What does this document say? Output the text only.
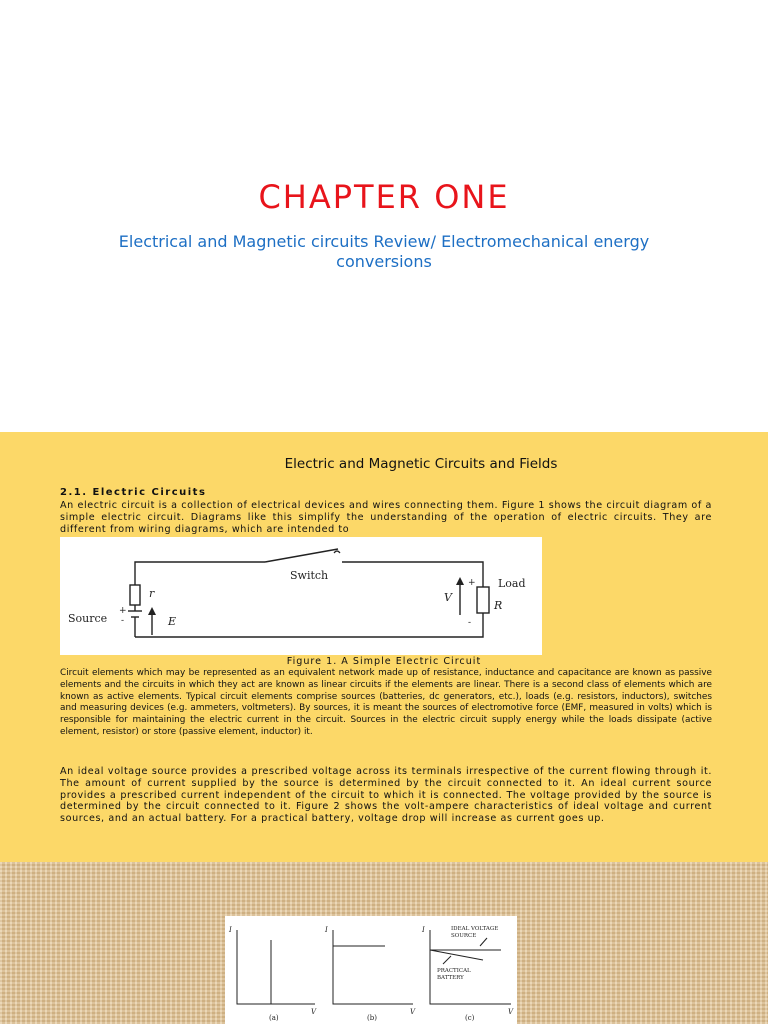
CHAPTER ONE
Electrical and Magnetic circuits Review/ Electromechanical energy conversions
Electric and Magnetic Circuits and Fields
2.1. Electric Circuits
An electric circuit is a collection of electrical devices and wires connecting them. Figure 1 shows the circuit diagram of a simple electric circuit. Diagrams like this simplify the understanding of the operation of electric circuits. They are different from wiring diagrams, which are intended to
Switch
Source
Load
r
E
V
R
+
-
+
-
Figure 1. A Simple Electric Circuit
Circuit elements which may be represented as an equivalent network made up of resistance, inductance and capacitance are known as passive elements and the circuits in which they act are known as linear circuits if the elements are linear. There is a second class of elements which are known as active elements. Typical circuit elements comprise sources (batteries, dc generators, etc.), loads (e.g. resistors, inductors), switches and measuring devices (e.g. ammeters, voltmeters). By sources, it is meant the sources of electromotive force (EMF, measured in volts) which is responsible for maintaining the electric current in the circuit. Sources in the electric circuit supply energy while the loads dissipate (active element, resistor) or store (passive element, inductor) it.
An ideal voltage source provides a prescribed voltage across its terminals irrespective of the current flowing through it. The amount of current supplied by the source is determined by the circuit connected to it. An ideal current source provides a prescribed current independent of the circuit to which it is connected. The voltage provided by the source is determined by the circuit connected to it. Figure 2 shows the volt-ampere characteristics of ideal voltage and current sources, and an actual battery. For a practical battery, voltage drop will increase as current goes up.
I
V
I
V
I
V
(a)	(b)	(c)
IDEAL VOLTAGE
SOURCE
PRACTICAL
BATTERY
